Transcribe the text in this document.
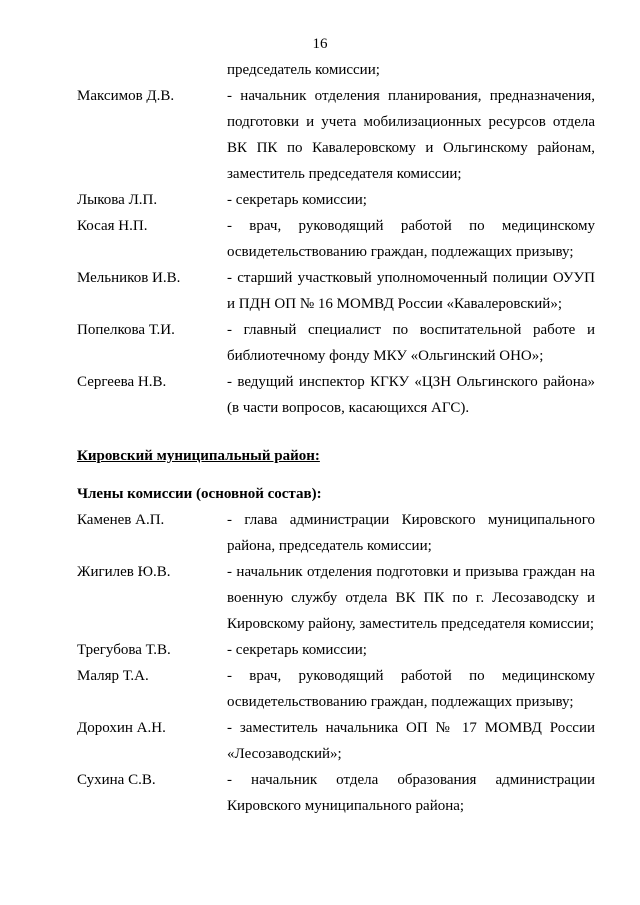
16
председатель комиссии;
Максимов Д.В.	- начальник отделения планирования, предназначения, подготовки и учета мобилизационных ресурсов отдела ВК ПК по Кавалеровскому и Ольгинскому районам, заместитель председателя комиссии;
Лыкова Л.П.	- секретарь комиссии;
Косая Н.П.	- врач, руководящий работой по медицинскому освидетельствованию граждан, подлежащих призыву;
Мельников И.В.	- старший участковый уполномоченный полиции ОУУП и ПДН ОП № 16 МОМВД России «Кавалеровский»;
Попелкова Т.И.	- главный специалист по воспитательной работе и библиотечному фонду МКУ «Ольгинский ОНО»;
Сергеева Н.В.	- ведущий инспектор КГКУ «ЦЗН Ольгинского района» (в части вопросов, касающихся АГС).
Кировский муниципальный район:
Члены комиссии (основной состав):
Каменев А.П.	- глава администрации Кировского муниципального района, председатель комиссии;
Жигилев Ю.В.	- начальник отделения подготовки и призыва граждан на военную службу отдела ВК ПК по г. Лесозаводску и Кировскому району, заместитель председателя комиссии;
Трегубова Т.В.	- секретарь комиссии;
Маляр Т.А.	- врач, руководящий работой по медицинскому освидетельствованию граждан, подлежащих призыву;
Дорохин А.Н.	- заместитель начальника ОП № 17 МОМВД России «Лесозаводский»;
Сухина С.В.	- начальник отдела образования администрации Кировского муниципального района;
